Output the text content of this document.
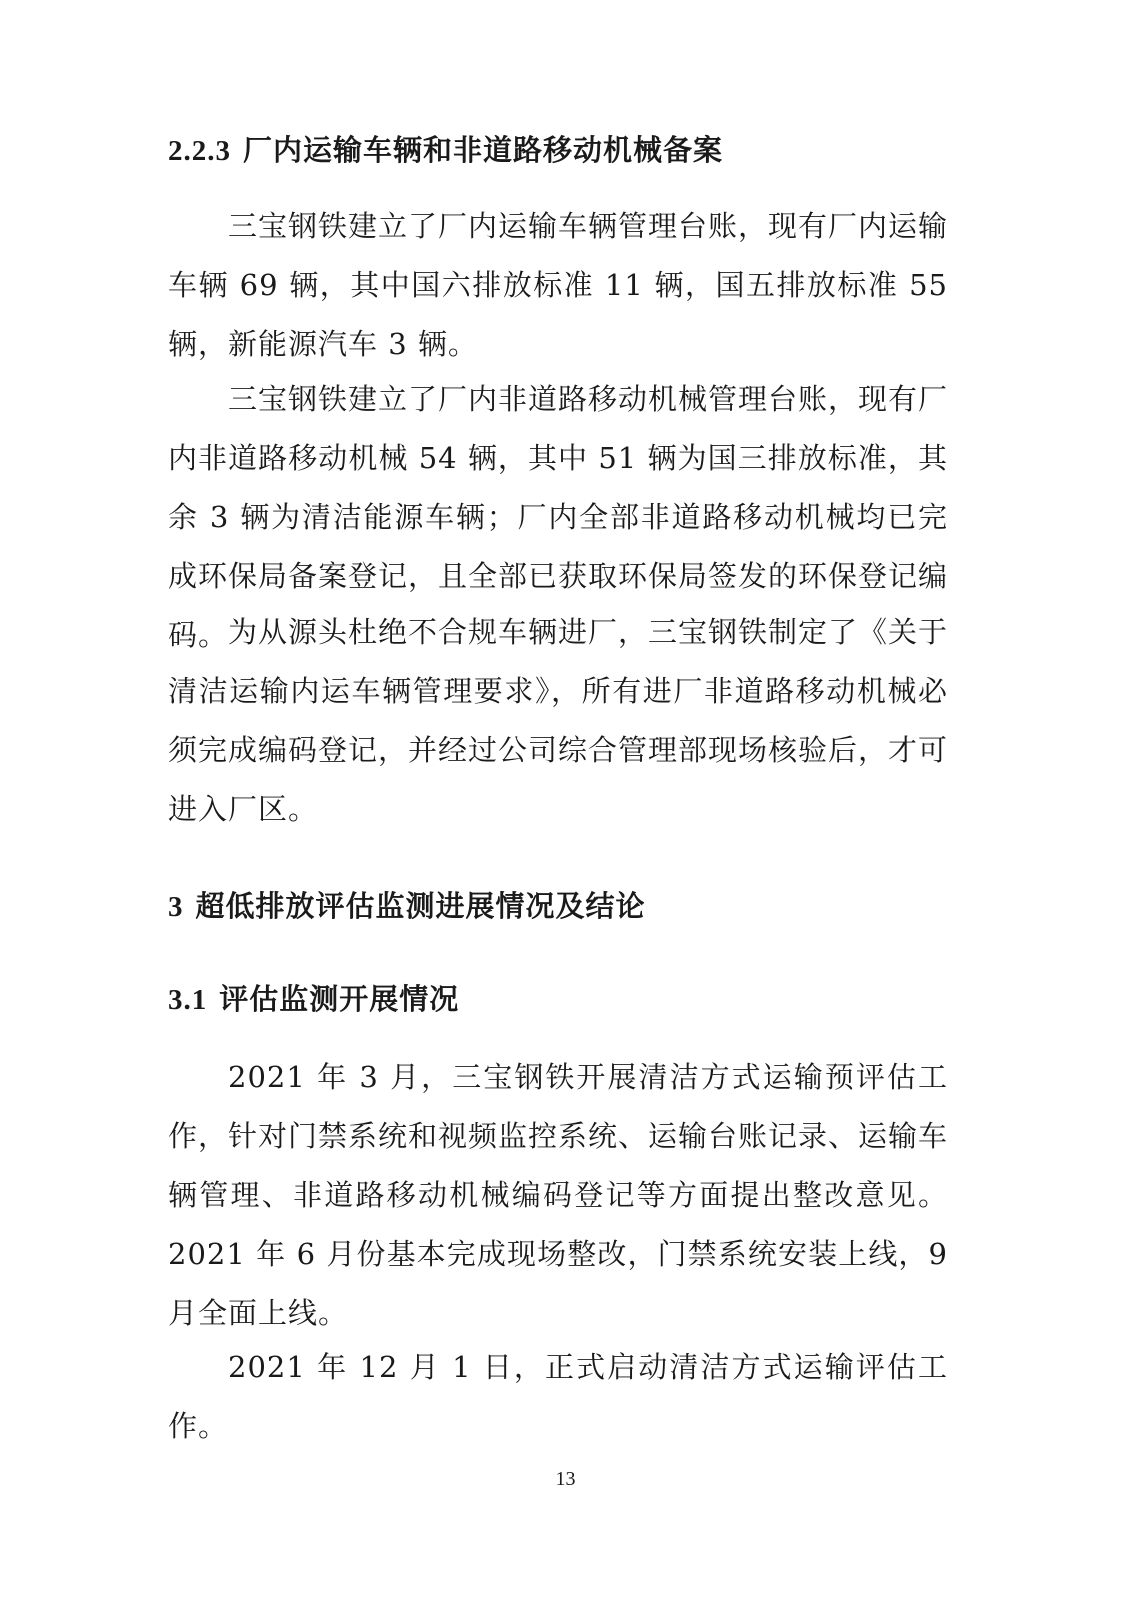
2.2.3 厂内运输车辆和非道路移动机械备案

三宝钢铁建立了厂内运输车辆管理台账，现有厂内运输车辆 69 辆，其中国六排放标准 11 辆，国五排放标准 55 辆，新能源汽车 3 辆。

三宝钢铁建立了厂内非道路移动机械管理台账，现有厂内非道路移动机械 54 辆，其中 51 辆为国三排放标准，其余 3 辆为清洁能源车辆；厂内全部非道路移动机械均已完成环保局备案登记，且全部已获取环保局签发的环保登记编码。 为从源头杜绝不合规车辆进厂，三宝钢铁制定了《关于清洁运输内运车辆管理要求》，所有进厂非道路移动机械必须完成编码登记，并经过公司综合管理部现场核验后，才可进入厂区。

3 超低排放评估监测进展情况及结论
3.1 评估监测开展情况

2021 年 3 月，三宝钢铁开展清洁方式运输预评估工作，针对门禁系统和视频监控系统、运输台账记录、运输车辆管理、非道路移动机械编码登记等方面提出整改意见。2021 年 6 月份基本完成现场整改，门禁系统安装上线，9 月全面上线。

2021 年 12 月 1 日，正式启动清洁方式运输评估工作。

13
